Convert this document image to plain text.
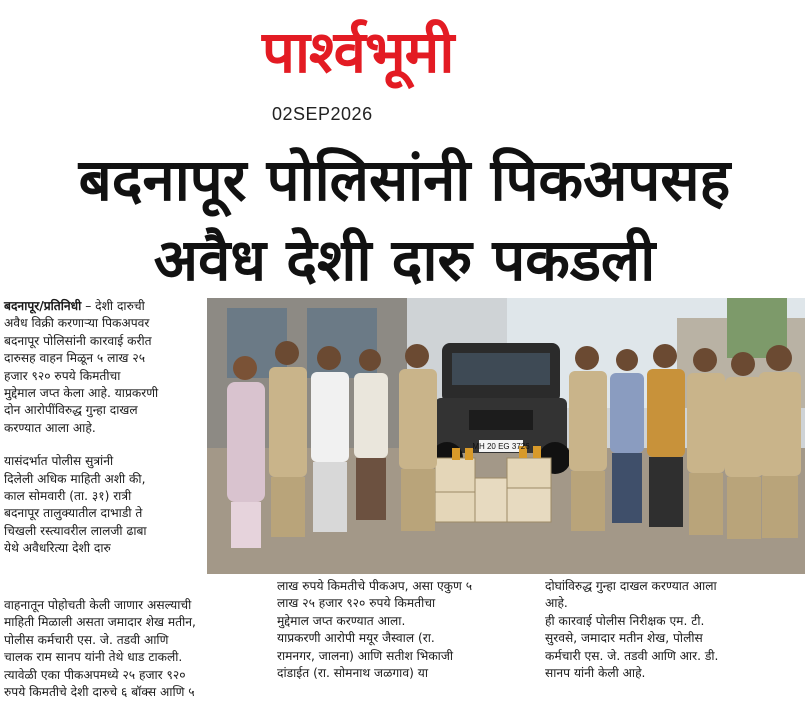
पार्श्वभूमी
02SEP2026
बदनापूर पोलिसांनी पिकअपसह
अवैध देशी दारु पकडली

बदनापूर/प्रतिनिधी – देशी दारुची

अवैध विक्री करणाऱ्या पिकअपवर

बदनापूर पोलिसांनी कारवाई करीत

दारुसह वाहन मिळून ५ लाख २५

हजार ९२० रुपये किमतीचा

मुद्देमाल जप्त केला आहे. याप्रकरणी

दोन आरोपींविरुद्ध गुन्हा दाखल

करण्यात आला आहे.

यासंदर्भात पोलीस सुत्रांनी

दिलेली अधिक माहिती अशी की,

काल सोमवारी (ता. ३१) रात्री

बदनापूर तालुक्यातील दाभाडी ते

चिखली रस्त्यावरील लालजी ढाबा

येथे अवैधरित्या देशी दारु

वाहनातून पोहोचती केली जाणार असल्याची

माहिती मिळाली असता जमादार शेख मतीन,

पोलीस कर्मचारी एस. जे. तडवी आणि

चालक राम सानप यांनी तेथे धाड टाकली.

त्यावेळी एका पीकअपमध्ये २५ हजार ९२०

रुपये किमतीचे देशी दारुचे ६ बॉक्स आणि ५

लाख रुपये किमतीचे पीकअप, असा एकुण ५

लाख २५ हजार ९२० रुपये किमतीचा

मुद्देमाल जप्त करण्यात आला.

याप्रकरणी आरोपी मयूर जैस्वाल (रा.

रामनगर, जालना) आणि सतीश भिकाजी

दांडाईत (रा. सोमनाथ जळगाव) या

दोघांविरुद्ध गुन्हा दाखल करण्यात आला

आहे.

ही कारवाई पोलीस निरीक्षक एम. टी.

सुरवसे, जमादार मतीन शेख, पोलीस

कर्मचारी एस. जे. तडवी आणि आर. डी.

सानप यांनी केली आहे.

MH 20 EG 3726
